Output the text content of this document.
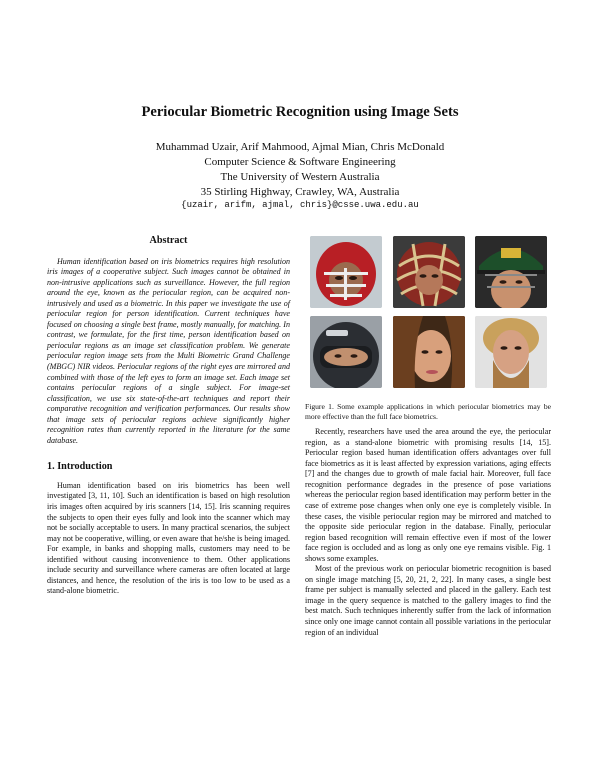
Periocular Biometric Recognition using Image Sets
Muhammad Uzair, Arif Mahmood, Ajmal Mian, Chris McDonald
Computer Science & Software Engineering
The University of Western Australia
35 Stirling Highway, Crawley, WA, Australia
{uzair, arifm, ajmal, chris}@csse.uwa.edu.au
Abstract

Human identification based on iris biometrics requires high resolution iris images of a cooperative subject. Such images cannot be obtained in non-intrusive applications such as surveillance. However, the full region around the eye, known as the periocular region, can be acquired non-intrusively and used as a biometric. In this paper we investigate the use of periocular region for person identification. Current techniques have focused on choosing a single best frame, mostly manually, for matching. In contrast, we formulate, for the first time, person identification based on periocular regions as an image set classification problem. We generate periocular region image sets from the Multi Biometric Grand Challenge (MBGC) NIR videos. Periocular regions of the right eyes are mirrored and combined with those of the left eyes to form an image set. Each image set contains periocular regions of a single subject. For image-set classification, we use six state-of-the-art techniques and report their comparative recognition and verification performances. Our results show that image sets of periocular regions achieve significantly higher recognition rates than currently reported in the literature for the same database.

1. Introduction

Human identification based on iris biometrics has been well investigated [3, 11, 10]. Such an identification is based on high resolution iris images often acquired by iris scanners [14, 15]. Iris scanning requires the subjects to open their eyes fully and look into the scanner which may not be socially acceptable to users. In many practical scenarios, the subject may not be cooperative, willing, or even aware that he/she is being imaged. For example, in banks and shopping malls, customers may need to be identified without causing inconvenience to them. Other applications include security and surveillance where cameras are often located at large distances, and hence, the resolution of the iris is too low to be used as a stand-alone biometric.

Figure 1. Some example applications in which periocular biometrics may be more effective than the full face biometrics.

Recently, researchers have used the area around the eye, the periocular region, as a stand-alone biometric with promising results [14, 15]. Periocular region based human identification offers advantages over full face biometrics as it is least affected by expression variations, aging effects [7] and the changes due to growth of male facial hair. Moreover, full face recognition performance degrades in the presence of pose variations whereas the periocular region based identification may perform better in the case of extreme pose changes when only one eye is completely visible. In these cases, the visible periocular region may be mirrored and matched to the opposite side periocular region in the database. Finally, periocular region based recognition will remain effective even if most of the lower face region is occluded and as long as only one eye remains visible. Fig. 1 shows some examples.

Most of the previous work on periocular biometric recognition is based on single image matching [5, 20, 21, 2, 22]. In many cases, a single best frame per subject is manually selected and placed in the gallery. Each test image in the query sequence is matched to the gallery images to find the best match. Such techniques inherently suffer from the lack of information since only one image cannot contain all possible variations in the periocular region of an individual
